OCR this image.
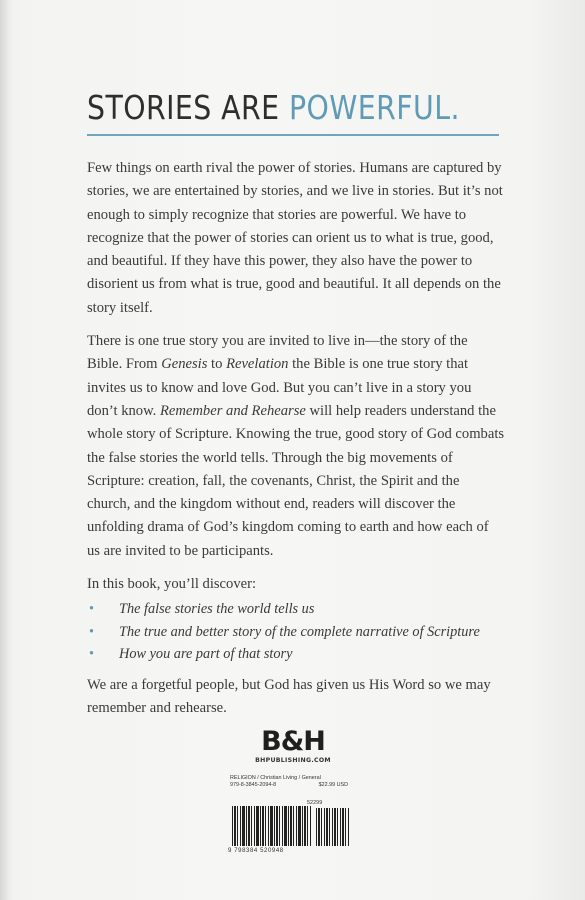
STORIES ARE POWERFUL.

Few things on earth rival the power of stories. Humans are captured by stories, we are entertained by stories, and we live in stories. But it’s not enough to simply recognize that stories are powerful. We have to recognize that the power of stories can orient us to what is true, good, and beautiful. If they have this power, they also have the power to disorient us from what is true, good and beautiful. It all depends on the story itself.

There is one true story you are invited to live in—the story of the Bible. From Genesis to Revelation the Bible is one true story that invites us to know and love God. But you can’t live in a story you don’t know. Remember and Rehearse will help readers understand the whole story of Scripture. Knowing the true, good story of God combats the false stories the world tells. Through the big movements of Scripture: creation, fall, the covenants, Christ, the Spirit and the church, and the kingdom without end, readers will discover the unfolding drama of God’s kingdom coming to earth and how each of us are invited to be participants.

In this book, you’ll discover:

• The false stories the world tells us
• The true and better story of the complete narrative of Scripture
• How you are part of that story

We are a forgetful people, but God has given us His Word so we may remember and rehearse.

B&H
BHPUBLISHING.COM
RELIGION / Christian Living / General
979-8-3845-2094-8	$22.99 USD
52299
9 798384 520948
